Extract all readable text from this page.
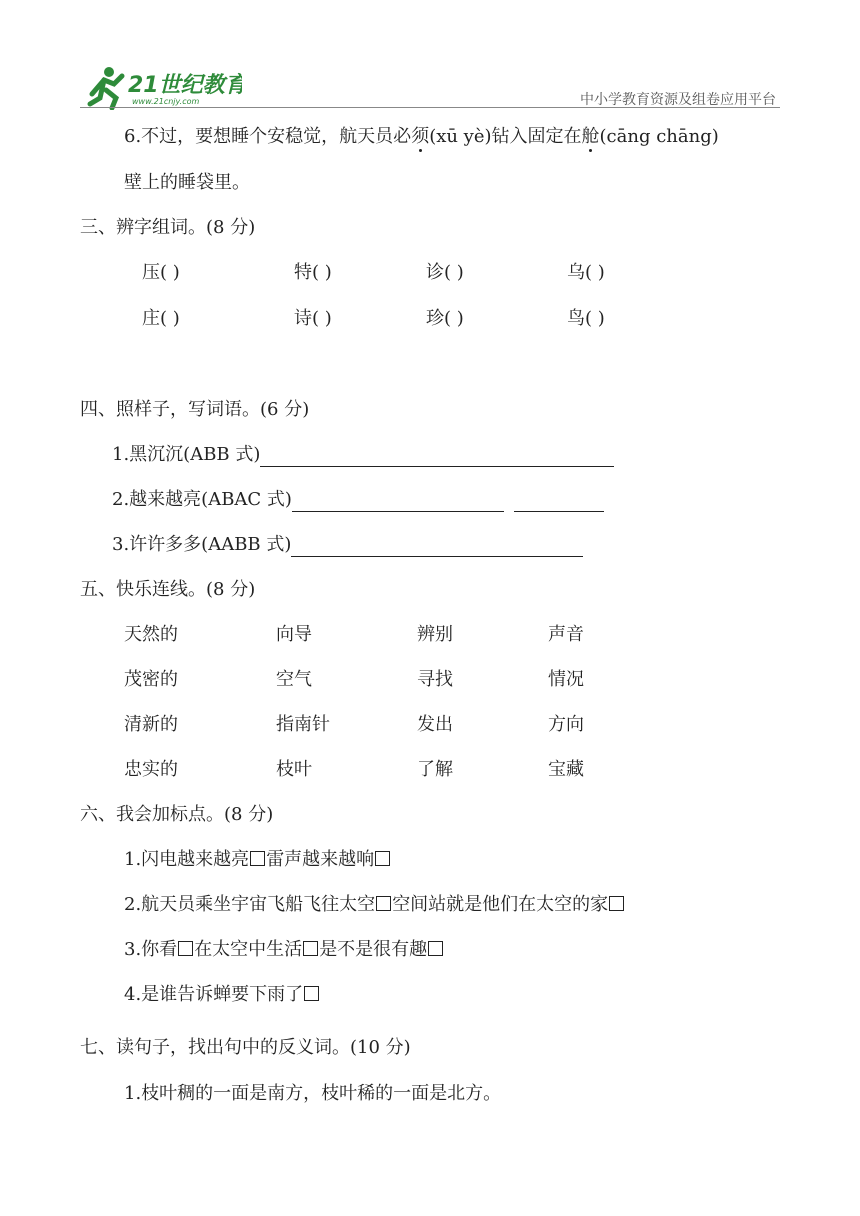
21世纪教育
www.21cnjy.com	中小学教育资源及组卷应用平台
6.不过，要想睡个安稳觉，航天员必须(xū yè)钻入固定在舱(cāng chāng)
壁上的睡袋里。
三、辨字组词。(8 分)
压( )	特( )	诊( )	乌( )
庄( )	诗( )	珍( )	鸟( )
四、照样子，写词语。(6 分)
1.黑沉沉(ABB 式)
2.越来越亮(ABAC 式)
3.许许多多(AABB 式)
五、快乐连线。(8 分)
天然的	向导	辨别	声音
茂密的	空气	寻找	情况
清新的	指南针	发出	方向
忠实的	枝叶	了解	宝藏
六、我会加标点。(8 分)
1.闪电越来越亮 雷声越来越响
2.航天员乘坐宇宙飞船飞往太空 空间站就是他们在太空的家
3.你看 在太空中生活 是不是很有趣
4.是谁告诉蝉要下雨了
七、读句子，找出句中的反义词。(10 分)
1.枝叶稠的一面是南方，枝叶稀的一面是北方。
